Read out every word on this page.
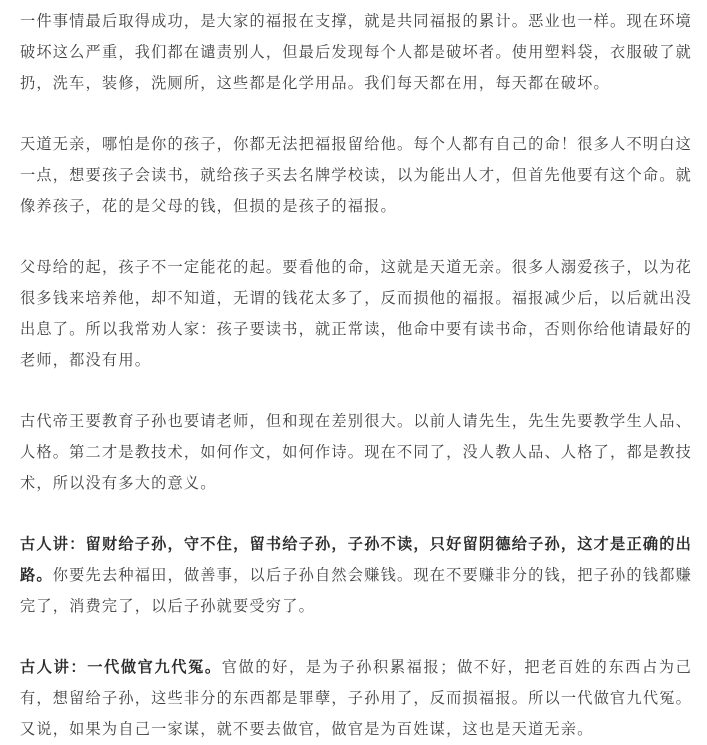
一件事情最后取得成功，是大家的福报在支撑，就是共同福报的累计。恶业也一样。现在环境破坏这么严重，我们都在谴责别人，但最后发现每个人都是破坏者。使用塑料袋，衣服破了就扔，洗车，装修，洗厕所，这些都是化学用品。我们每天都在用，每天都在破坏。

天道无亲，哪怕是你的孩子，你都无法把福报留给他。每个人都有自己的命！很多人不明白这一点，想要孩子会读书，就给孩子买去名牌学校读，以为能出人才，但首先他要有这个命。就像养孩子，花的是父母的钱，但损的是孩子的福报。

父母给的起，孩子不一定能花的起。要看他的命，这就是天道无亲。很多人溺爱孩子，以为花很多钱来培养他，却不知道，无谓的钱花太多了，反而损他的福报。福报减少后，以后就出没出息了。所以我常劝人家：孩子要读书，就正常读，他命中要有读书命，否则你给他请最好的老师，都没有用。

古代帝王要教育子孙也要请老师，但和现在差别很大。以前人请先生，先生先要教学生人品、人格。第二才是教技术，如何作文，如何作诗。现在不同了，没人教人品、人格了，都是教技术，所以没有多大的意义。

古人讲：留财给子孙，守不住，留书给子孙，子孙不读，只好留阴德给子孙，这才是正确的出路。你要先去种福田，做善事，以后子孙自然会赚钱。现在不要赚非分的钱，把子孙的钱都赚完了，消费完了，以后子孙就要受穷了。

古人讲：一代做官九代冤。官做的好，是为子孙积累福报；做不好，把老百姓的东西占为己有，想留给子孙，这些非分的东西都是罪孽，子孙用了，反而损福报。所以一代做官九代冤。又说，如果为自己一家谋，就不要去做官，做官是为百姓谋，这也是天道无亲。
